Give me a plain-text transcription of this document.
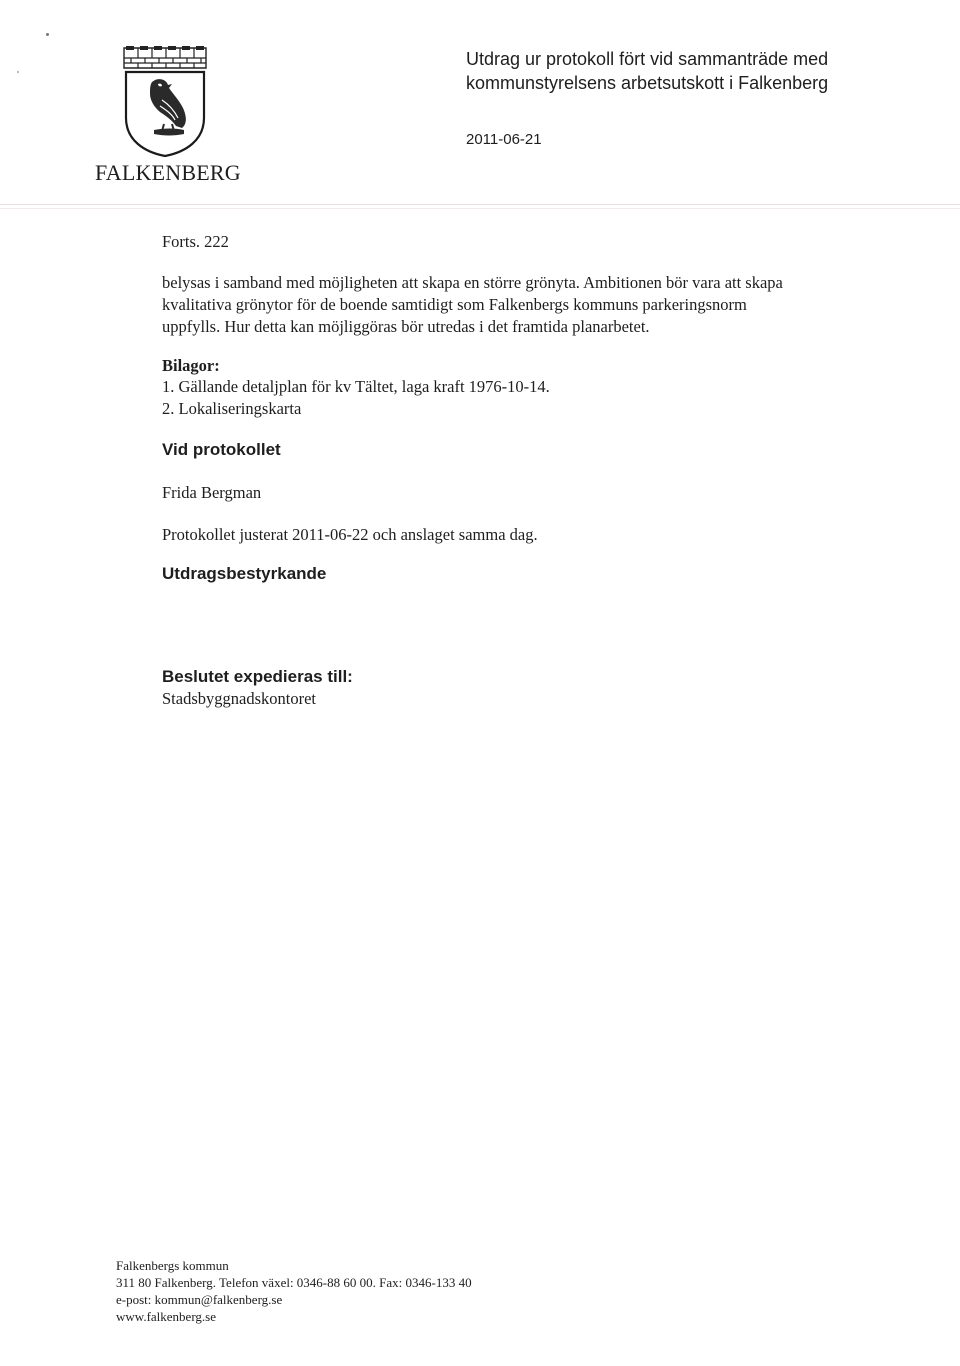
FALKENBERG
Utdrag ur protokoll fört vid sammanträde med
kommunstyrelsens arbetsutskott i Falkenberg
2011-06-21
Forts. 222
belysas i samband med möjligheten att skapa en större grönyta. Ambitionen bör vara att skapa
kvalitativa grönytor för de boende samtidigt som Falkenbergs kommuns parkeringsnorm
uppfylls. Hur detta kan möjliggöras bör utredas i det framtida planarbetet.
Bilagor:
1. Gällande detaljplan för kv Tältet, laga kraft 1976-10-14.
2. Lokaliseringskarta
Vid protokollet
Frida Bergman
Protokollet justerat 2011-06-22 och anslaget samma dag.
Utdragsbestyrkande
Beslutet expedieras till:
Stadsbyggnadskontoret
Falkenbergs kommun
311 80 Falkenberg. Telefon växel: 0346-88 60 00. Fax: 0346-133 40
e-post: kommun@falkenberg.se
www.falkenberg.se
